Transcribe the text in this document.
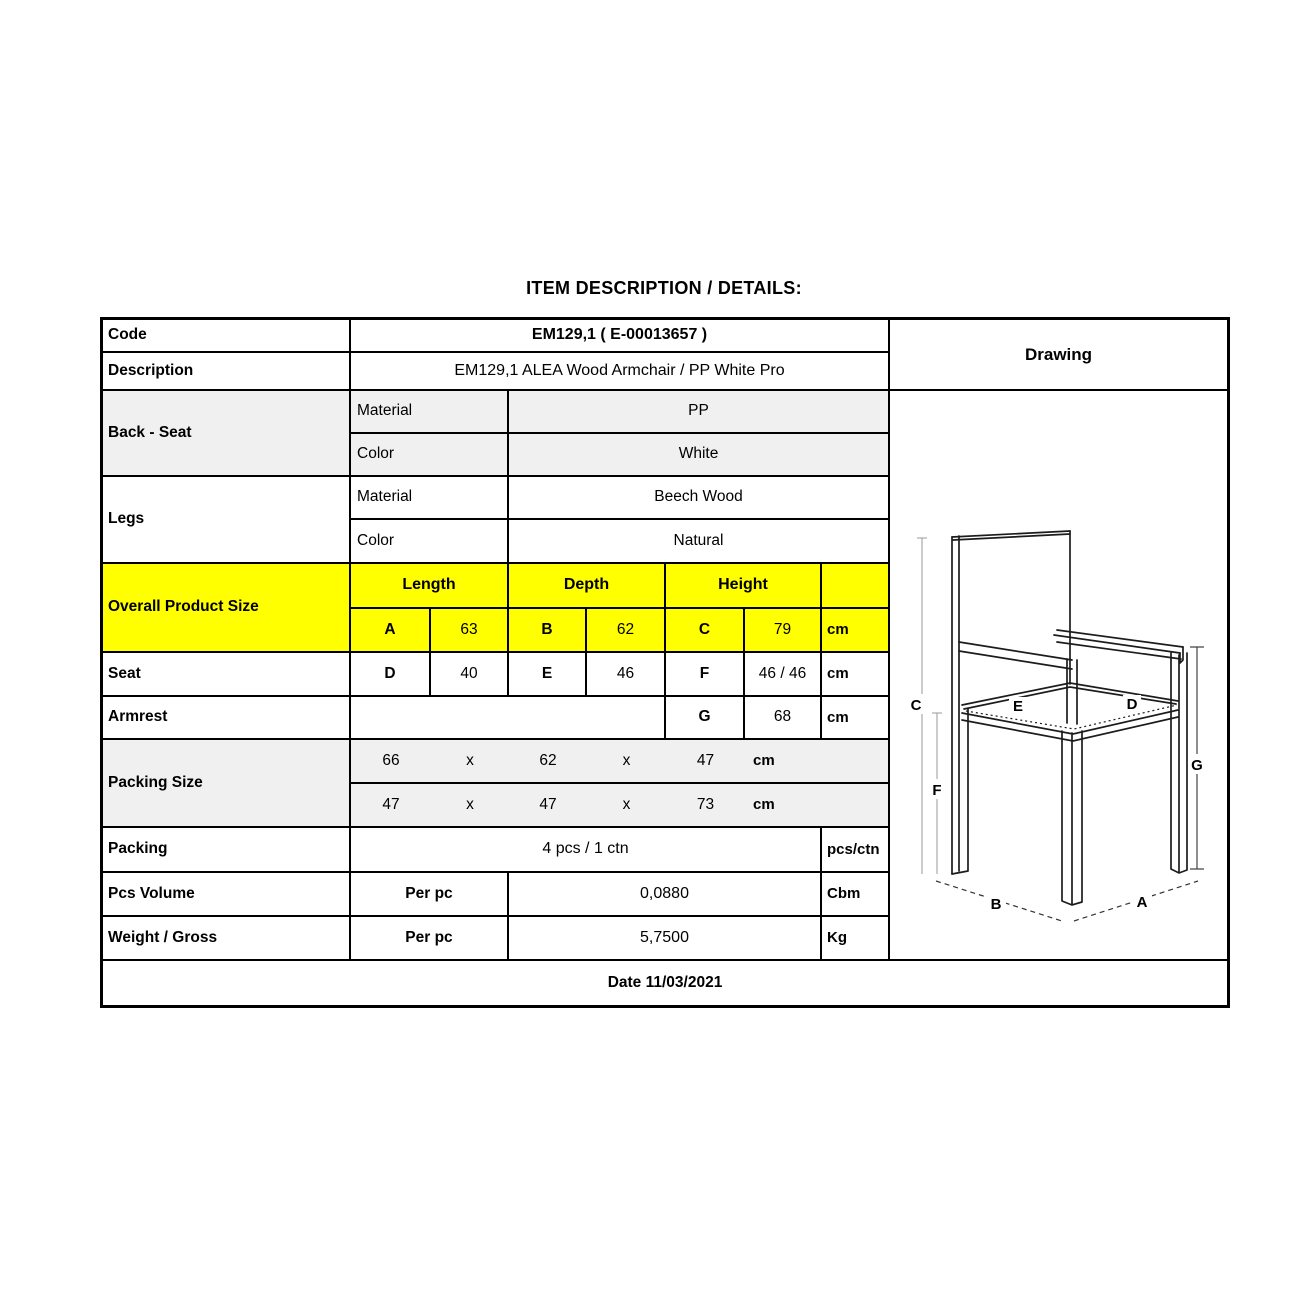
ITEM DESCRIPTION / DETAILS:
Code	EM129,1 ( E-00013657 )
Drawing
Description	EM129,1 ALEA Wood Armchair / PP White Pro
Back - Seat
Material	PP
Color	White
Legs
Material	Beech Wood
Color	Natural
Overall Product Size
Length	Depth	Height
A	63	B	62	C	79	cm
Seat	D	40	E	46	F	46 / 46	cm
Armrest	G	68	cm
Packing Size
66	x	62	x	47	cm
47	x	47	x	73	cm
Packing	4 pcs / 1 ctn	pcs/ctn
Pcs Volume	Per pc	0,0880	Cbm
Weight / Gross	Per pc	5,7500	Kg
Date 11/03/2021
C
F
G
E	D
B	A
